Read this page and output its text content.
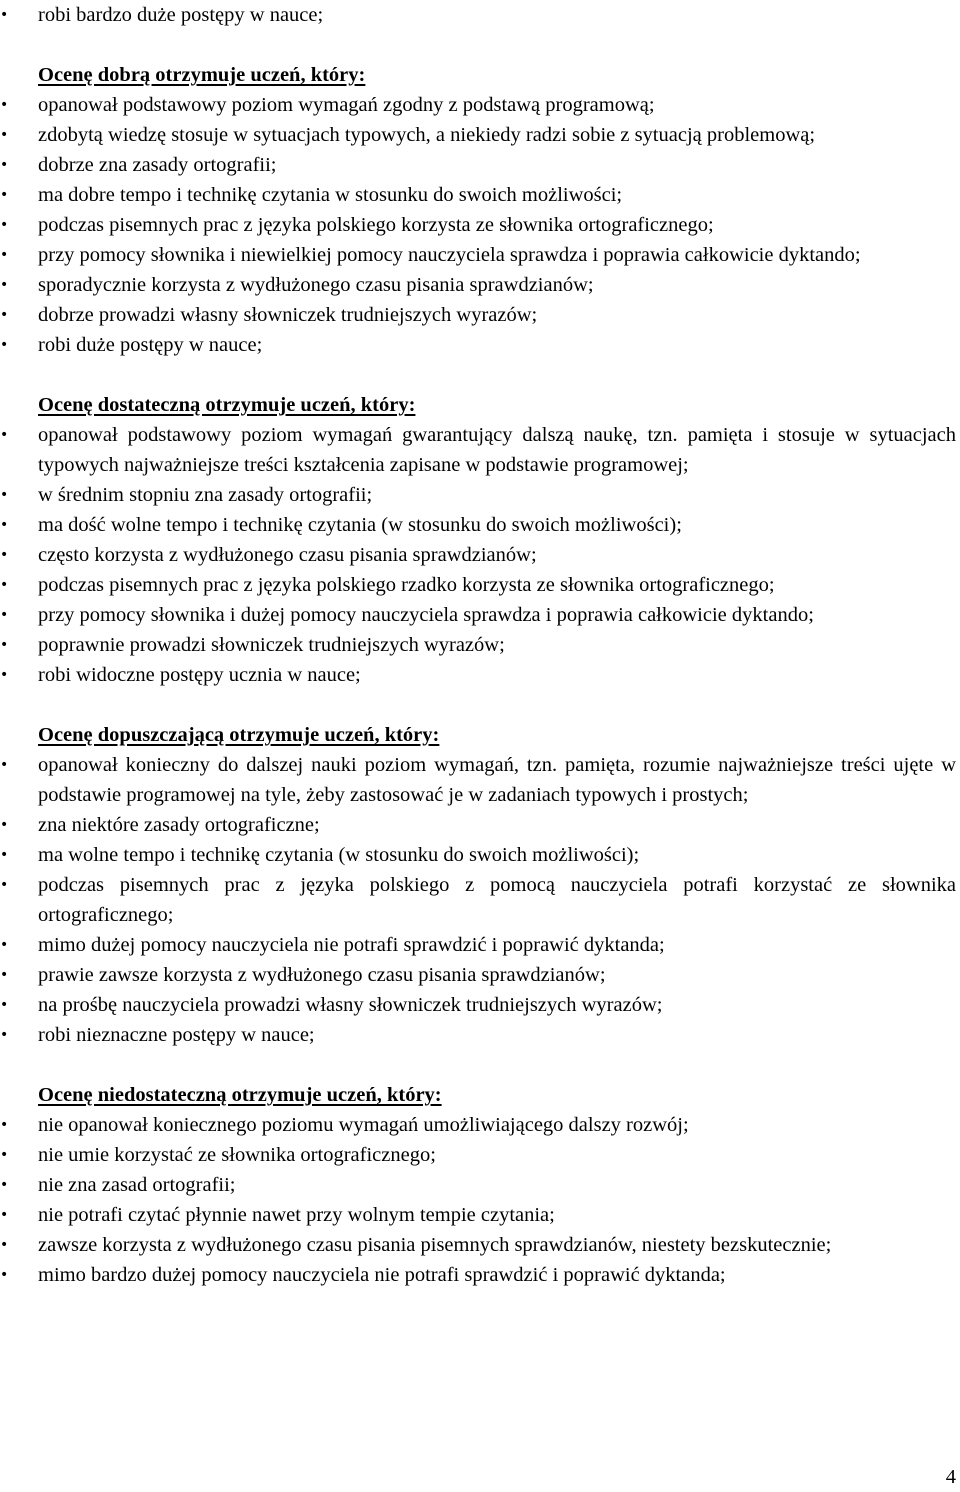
• robi bardzo duże postępy w nauce;

Ocenę dobrą otrzymuje uczeń, który:

• opanował podstawowy poziom wymagań zgodny z podstawą programową;
• zdobytą wiedzę stosuje w sytuacjach typowych, a niekiedy radzi sobie z sytuacją problemową;
• dobrze zna zasady ortografii;
• ma dobre tempo i technikę czytania w stosunku do swoich możliwości;
• podczas pisemnych prac z języka polskiego korzysta ze słownika ortograficznego;
• przy pomocy słownika i niewielkiej pomocy nauczyciela sprawdza i poprawia całkowicie dyktando;
• sporadycznie korzysta z wydłużonego czasu pisania sprawdzianów;
• dobrze prowadzi własny słowniczek trudniejszych wyrazów;
• robi duże postępy w nauce;

Ocenę dostateczną otrzymuje uczeń, który:

• opanował podstawowy poziom wymagań gwarantujący dalszą naukę, tzn. pamięta i stosuje w sytuacjach typowych najważniejsze treści kształcenia zapisane w podstawie programowej;
• w średnim stopniu zna zasady ortografii;
• ma dość wolne tempo i technikę czytania (w stosunku do swoich możliwości);
• często korzysta z wydłużonego czasu pisania sprawdzianów;
• podczas pisemnych prac z języka polskiego rzadko korzysta ze słownika ortograficznego;
• przy pomocy słownika i dużej pomocy nauczyciela sprawdza i poprawia całkowicie dyktando;
• poprawnie prowadzi słowniczek trudniejszych wyrazów;
• robi widoczne postępy ucznia w nauce;

Ocenę dopuszczającą otrzymuje uczeń, który:

• opanował konieczny do dalszej nauki poziom wymagań, tzn. pamięta, rozumie najważniejsze treści ujęte w podstawie programowej na tyle, żeby zastosować je w zadaniach typowych i prostych;
• zna niektóre zasady ortograficzne;
• ma wolne tempo i technikę czytania (w stosunku do swoich możliwości);
• podczas pisemnych prac z języka polskiego z pomocą nauczyciela potrafi korzystać ze słownika ortograficznego;
• mimo dużej pomocy nauczyciela nie potrafi sprawdzić i poprawić dyktanda;
• prawie zawsze korzysta z wydłużonego czasu pisania sprawdzianów;
• na prośbę nauczyciela prowadzi własny słowniczek trudniejszych wyrazów;
• robi nieznaczne postępy w nauce;

Ocenę niedostateczną otrzymuje uczeń, który:

• nie opanował koniecznego poziomu wymagań umożliwiającego dalszy rozwój;
• nie umie korzystać ze słownika ortograficznego;
• nie zna zasad ortografii;
• nie potrafi czytać płynnie nawet przy wolnym tempie czytania;
• zawsze korzysta z wydłużonego czasu pisania pisemnych sprawdzianów, niestety bezskutecznie;
• mimo bardzo dużej pomocy nauczyciela nie potrafi sprawdzić i poprawić dyktanda;
4
